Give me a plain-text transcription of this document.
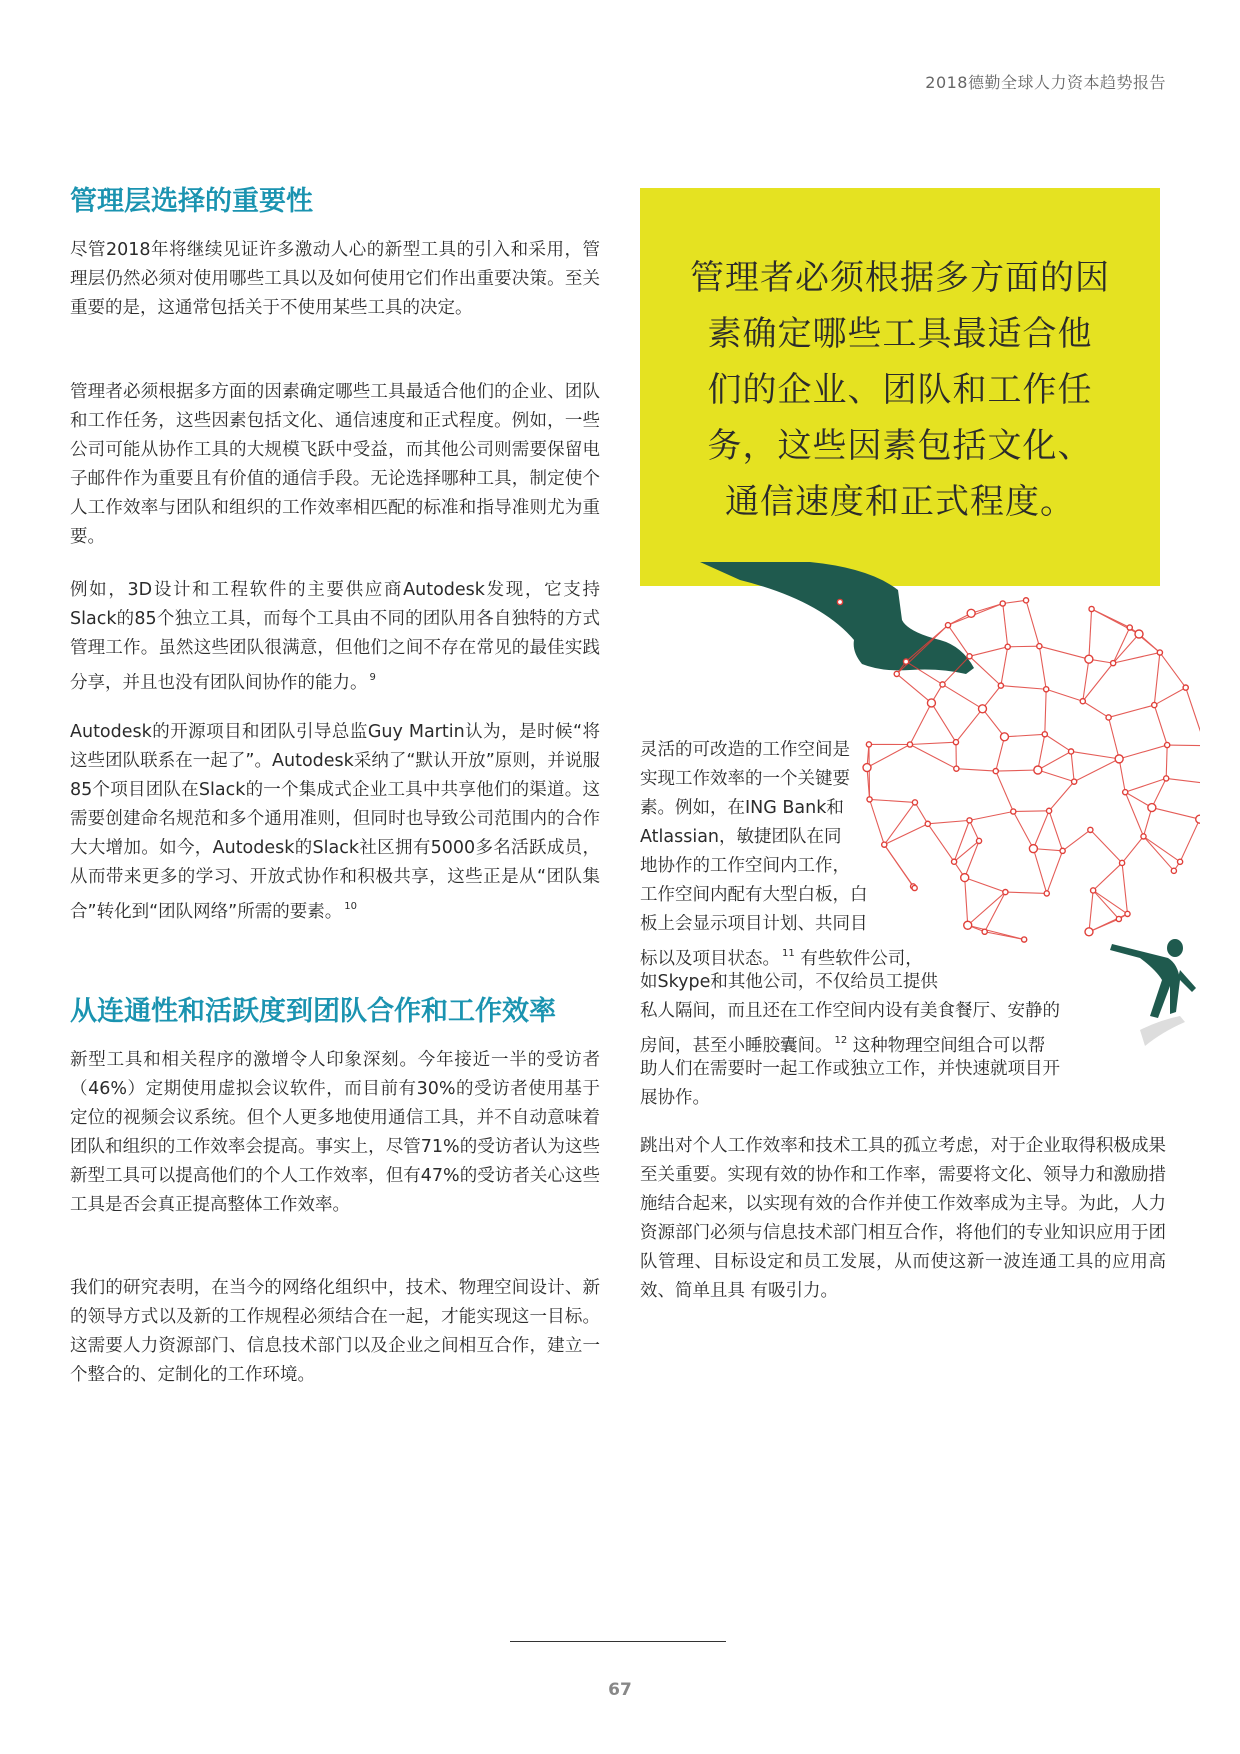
2018德勤全球人力资本趋势报告
管理层选择的重要性

尽管2018年将继续见证许多激动人心的新型工具的引入和采用，管理层仍然必须对使用哪些工具以及如何使用它们作出重要决策。至关重要的是，这通常包括关于不使用某些工具的决定。

管理者必须根据多方面的因素确定哪些工具最适合他们的企业、团队和工作任务，这些因素包括文化、通信速度和正式程度。例如，一些公司可能从协作工具的大规模飞跃中受益，而其他公司则需要保留电子邮件作为重要且有价值的通信手段。无论选择哪种工具，制定使个人工作效率与团队和组织的工作效率相匹配的标准和指导准则尤为重要。

例如，3D设计和工程软件的主要供应商Autodesk发现，它支持Slack的85个独立工具，而每个工具由不同的团队用各自独特的方式管理工作。虽然这些团队很满意，但他们之间不存在常见的最佳实践分享，并且也没有团队间协作的能力。 $^9$

Autodesk的开源项目和团队引导总监Guy Martin认为，是时候“将这些团队联系在一起了”。Autodesk采纳了“默认开放”原则，并说服85个项目团队在Slack的一个集成式企业工具中共享他们的渠道。这需要创建命名规范和多个通用准则，但同时也导致公司范围内的合作大大增加。如今，Autodesk的Slack社区拥有5000多名活跃成员，从而带来更多的学习、开放式协作和积极共享，这些正是从“团队集合”转化到“团队网络”所需的要素。 $^{10}$

从连通性和活跃度到团队合作和工作效率

新型工具和相关程序的激增令人印象深刻。今年接近一半的受访者（46%）定期使用虚拟会议软件，而目前有30%的受访者使用基于定位的视频会议系统。但个人更多地使用通信工具，并不自动意味着团队和组织的工作效率会提高。事实上，尽管71%的受访者认为这些新型工具可以提高他们的个人工作效率，但有47%的受访者关心这些工具是否会真正提高整体工作效率。

我们的研究表明，在当今的网络化组织中，技术、物理空间设计、新的领导方式以及新的工作规程必须结合在一起，才能实现这一目标。这需要人力资源部门、信息技术部门以及企业之间相互合作，建立一个整合的、定制化的工作环境。

管理者必须根据多方面的因
素确定哪些工具最适合他
们的企业、团队和工作任
务，这些因素包括文化、
通信速度和正式程度。
灵活的可改造的工作空间是
实现工作效率的一个关键要
素。例如，在ING Bank和
Atlassian，敏捷团队在同
地协作的工作空间内工作，
工作空间内配有大型白板，白
板上会显示项目计划、共同目
标以及项目状态。 $^{11}$ 有些软件公司，
如Skype和其他公司，不仅给员工提供
私人隔间，而且还在工作空间内设有美食餐厅、安静的
房间，甚至小睡胶囊间。 $^{12}$ 这种物理空间组合可以帮
助人们在需要时一起工作或独立工作，并快速就项目开
展协作。

跳出对个人工作效率和技术工具的孤立考虑，对于企业取得积极成果至关重要。实现有效的协作和工作率，需要将文化、领导力和激励措施结合起来，以实现有效的合作并使工作效率成为主导。为此，人力资源部门必须与信息技术部门相互合作，将他们的专业知识应用于团队管理、目标设定和员工发展，从而使这新一波连通工具的应用高效、简单且具 有吸引力。

67
